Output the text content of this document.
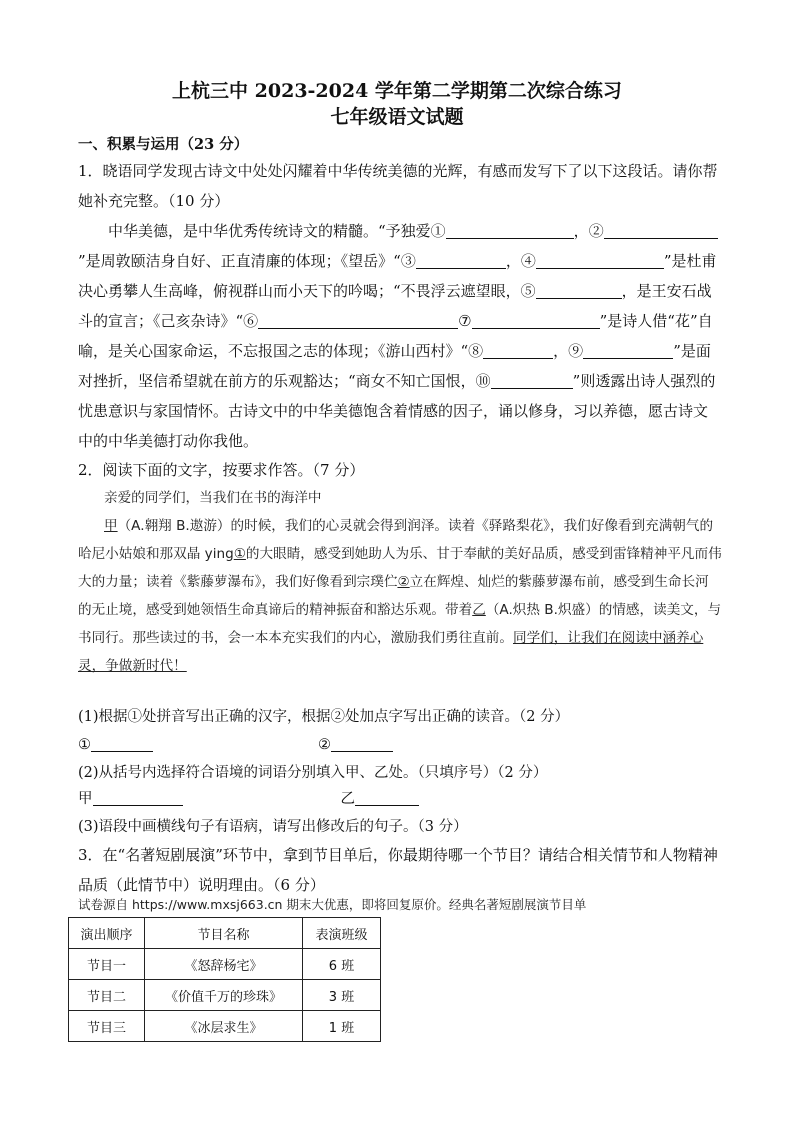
上杭三中 2023-2024 学年第二学期第二次综合练习
七年级语文试题
一、积累与运用（23 分）
1．晓语同学发现古诗文中处处闪耀着中华传统美德的光辉，有感而发写下了以下这段话。请你帮她补充完整。（10 分）
中华美德，是中华优秀传统诗文的精髓。“予独爱①	，②”是周敦颐洁身自好、正直清廉的体现；《望岳》“③	，④	”是杜甫决心勇攀人生高峰，俯视群山而小天下的吟喝；“不畏浮云遮望眼，⑤	，是王安石战斗的宣言；《己亥杂诗》“⑥	⑦	”是诗人借“花”自喻，是关心国家命运，不忘报国之志的体现；《游山西村》“⑧	，⑨	”是面对挫折，坚信希望就在前方的乐观豁达；“商女不知亡国恨，⑩	”则透露出诗人强烈的忧患意识与家国情怀。古诗文中的中华美德饱含着情感的因子，诵以修身，习以养德，愿古诗文中的中华美德打动你我他。
2．阅读下面的文字，按要求作答。（7 分）
亲爱的同学们，当我们在书的海洋中
甲（A.翱翔 B.遨游）的时候，我们的心灵就会得到润泽。读着《驿路梨花》，我们好像看到充满朝气的哈尼小姑娘和那双晶 ying①的大眼睛，感受到她助人为乐、甘于奉献的美好品质，感受到雷锋精神平凡而伟大的力量；读着《紫藤萝瀑布》，我们好像看到宗璞伫②立在辉煌、灿烂的紫藤萝瀑布前，感受到生命长河的无止境，感受到她领悟生命真谛后的精神振奋和豁达乐观。带着乙（A.炽热 B.炽盛）的情感，读美文，与书同行。那些读过的书，会一本本充实我们的内心，激励我们勇往直前。同学们，让我们在阅读中涵养心灵，争做新时代！
(1)根据①处拼音写出正确的汉字，根据②处加点字写出正确的读音。（2 分）
①	②
(2)从括号内选择符合语境的词语分别填入甲、乙处。（只填序号）（2 分）
甲	乙
(3)语段中画横线句子有语病，请写出修改后的句子。（3 分）
3．在“名著短剧展演”环节中，拿到节目单后，你最期待哪一个节目？请结合相关情节和人物精神品质（此情节中）说明理由。（6 分）
试卷源自 https://www.mxsj663.cn 期末大优惠，即将回复原价。经典名著短剧展演节目单
演出顺序	节目名称	表演班级
节目一	《怒辞杨宅》	6 班
节目二	《价值千万的珍珠》	3 班
节目三	《冰层求生》	1 班
